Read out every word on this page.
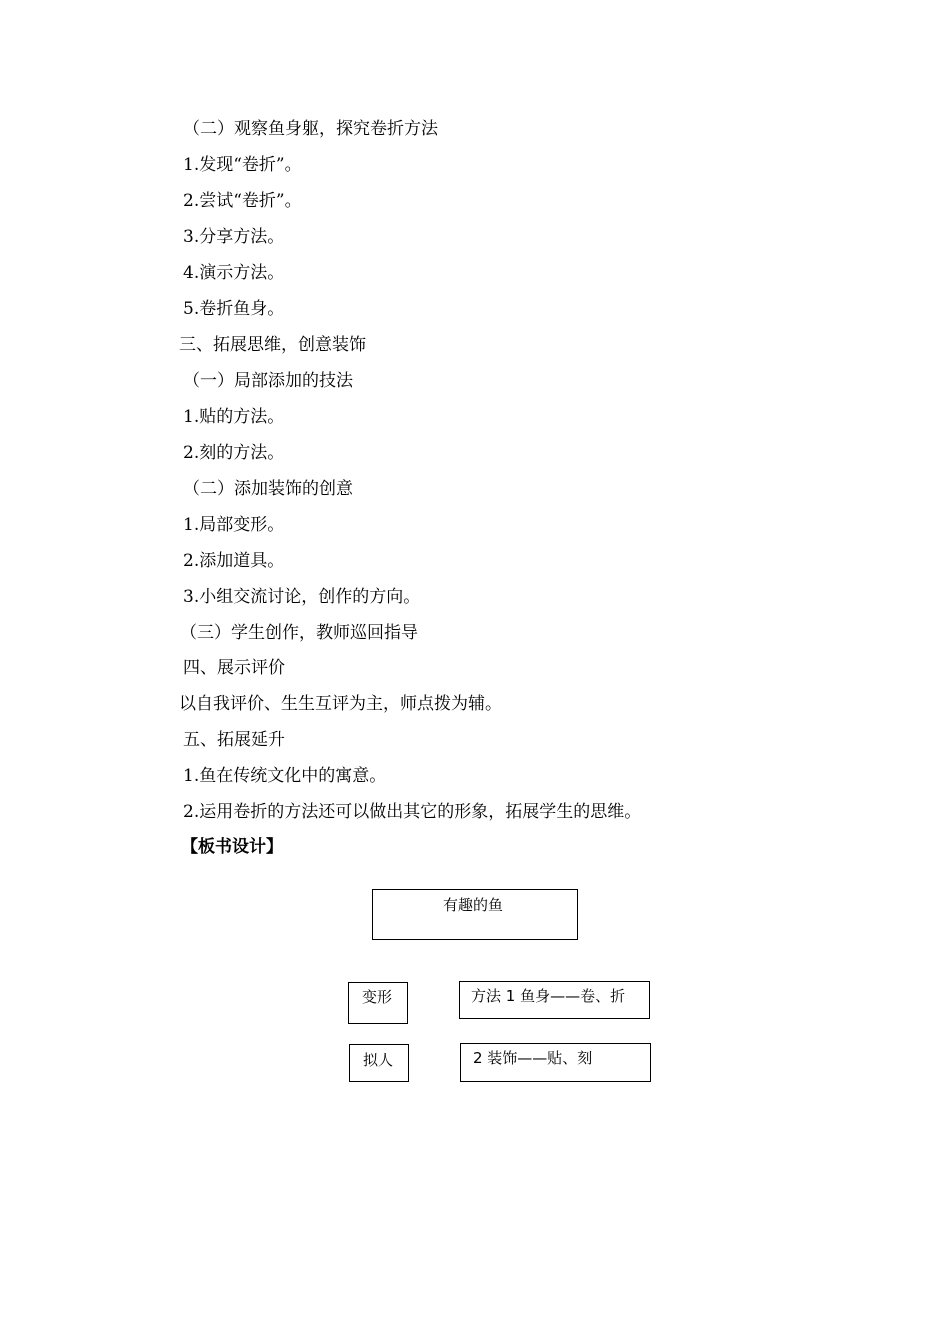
（二）观察鱼身躯，探究卷折方法
1.发现“卷折”。
2.尝试“卷折”。
3.分享方法。
4.演示方法。
5.卷折鱼身。
三、拓展思维，创意装饰
（一）局部添加的技法
1.贴的方法。
2.刻的方法。
（二）添加装饰的创意
1.局部变形。
2.添加道具。
3.小组交流讨论，创作的方向。
（三）学生创作，教师巡回指导
四、展示评价
以自我评价、生生互评为主，师点拨为辅。
五、拓展延升
1.鱼在传统文化中的寓意。
2.运用卷折的方法还可以做出其它的形象，拓展学生的思维。
【板书设计】
有趣的鱼
变形	方法 1 鱼身——卷、折
拟人	2 装饰——贴、刻
